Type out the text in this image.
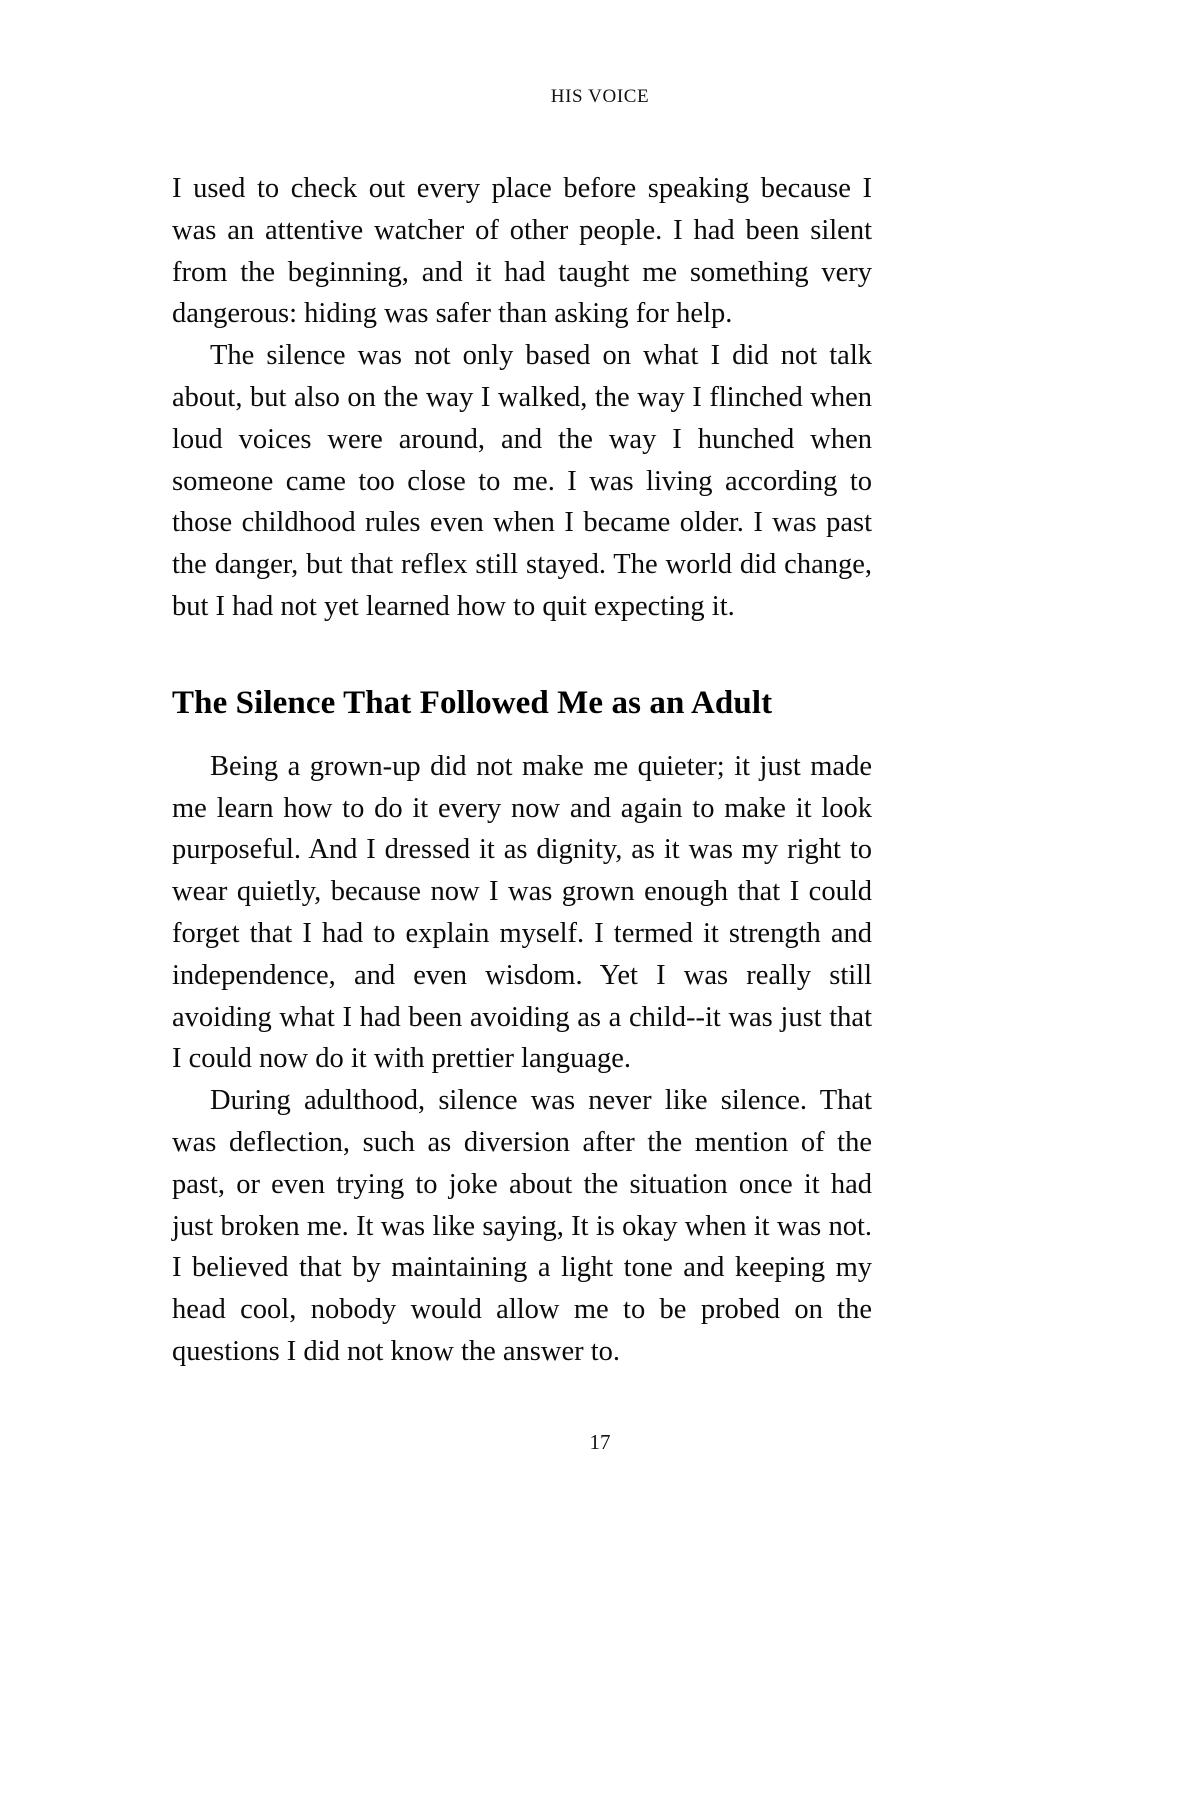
HIS VOICE

I used to check out every place before speaking because I was an attentive watcher of other people. I had been silent from the beginning, and it had taught me something very dangerous: hiding was safer than asking for help.

The silence was not only based on what I did not talk about, but also on the way I walked, the way I flinched when loud voices were around, and the way I hunched when someone came too close to me. I was living according to those childhood rules even when I became older. I was past the danger, but that reflex still stayed. The world did change, but I had not yet learned how to quit expecting it.

The Silence That Followed Me as an Adult

Being a grown-up did not make me quieter; it just made me learn how to do it every now and again to make it look purposeful. And I dressed it as dignity, as it was my right to wear quietly, because now I was grown enough that I could forget that I had to explain myself. I termed it strength and independence, and even wisdom. Yet I was really still avoiding what I had been avoiding as a child--it was just that I could now do it with prettier language.

During adulthood, silence was never like silence. That was deflection, such as diversion after the mention of the past, or even trying to joke about the situation once it had just broken me. It was like saying, It is okay when it was not. I believed that by maintaining a light tone and keeping my head cool, nobody would allow me to be probed on the questions I did not know the answer to.

17
